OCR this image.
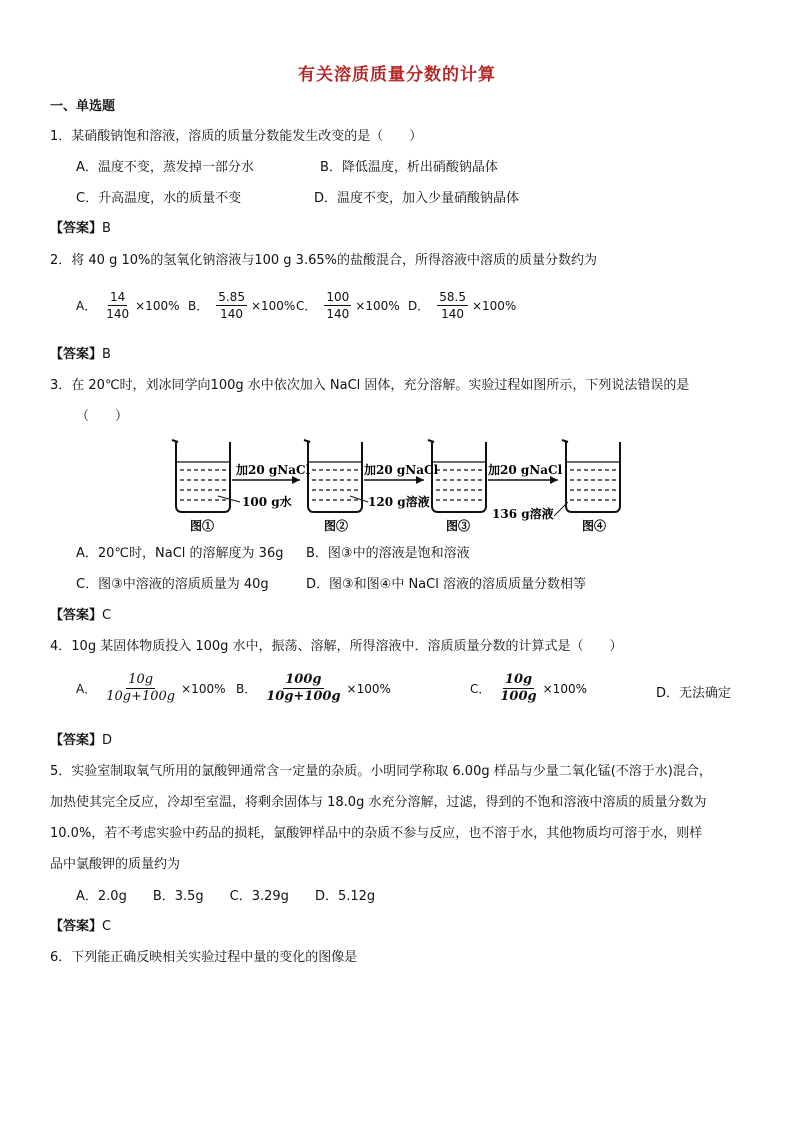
有关溶质质量分数的计算
一、单选题
1．某硝酸钠饱和溶液，溶质的质量分数能发生改变的是（　　）
A．温度不变，蒸发掉一部分水	B．降低温度，析出硝酸钠晶体
C．升高温度，水的质量不变	D．温度不变，加入少量硝酸钠晶体
【答案】B
2．将 40 g 10%的氢氧化钠溶液与100 g 3.65%的盐酸混合，所得溶液中溶质的质量分数约为
A． $\frac{14}{140} \times 100\%$ B． $\frac{5.85}{140} \times 100\%$ C． $\frac{100}{140} \times 100\%$ D． $\frac{58.5}{140} \times 100\%$
【答案】B
3．在 20℃时，刘冰同学向100g 水中依次加入 NaCl 固体，充分溶解。实验过程如图所示，下列说法错误的是
（　　）
加20 gNaCl	加20 gNaCl	加20 gNaCl
100 g水	120 g溶液
136 g溶液
图①	图②	图③	图④
A．20℃时，NaCl 的溶解度为 36g B．图③中的溶液是饱和溶液
C．图③中溶液的溶质质量为 40g	D．图③和图④中 NaCl 溶液的溶质质量分数相等
【答案】C
4．10g 某固体物质投入 100g 水中，振荡、溶解，所得溶液中．溶质质量分数的计算式是（　　）
A． $\frac{10g}{10g+100g} \times 100\%$ B． $\frac{100g}{10g+100g} \times 100\%$	C． $\frac{10g}{100g} \times 100\%$	D．无法确定
【答案】D
5．实验室制取氧气所用的氯酸钾通常含一定量的杂质。小明同学称取 6.00g 样品与少量二氧化锰(不溶于水)混合，
加热使其完全反应，冷却至室温，将剩余固体与 18.0g 水充分溶解，过滤，得到的不饱和溶液中溶质的质量分数为
10.0%，若不考虑实验中药品的损耗，氯酸钾样品中的杂质不参与反应，也不溶于水，其他物质均可溶于水，则样
品中氯酸钾的质量约为
A．2.0g　　B．3.5g　　C．3.29g　　D．5.12g
【答案】C
6．下列能正确反映相关实验过程中量的变化的图像是
